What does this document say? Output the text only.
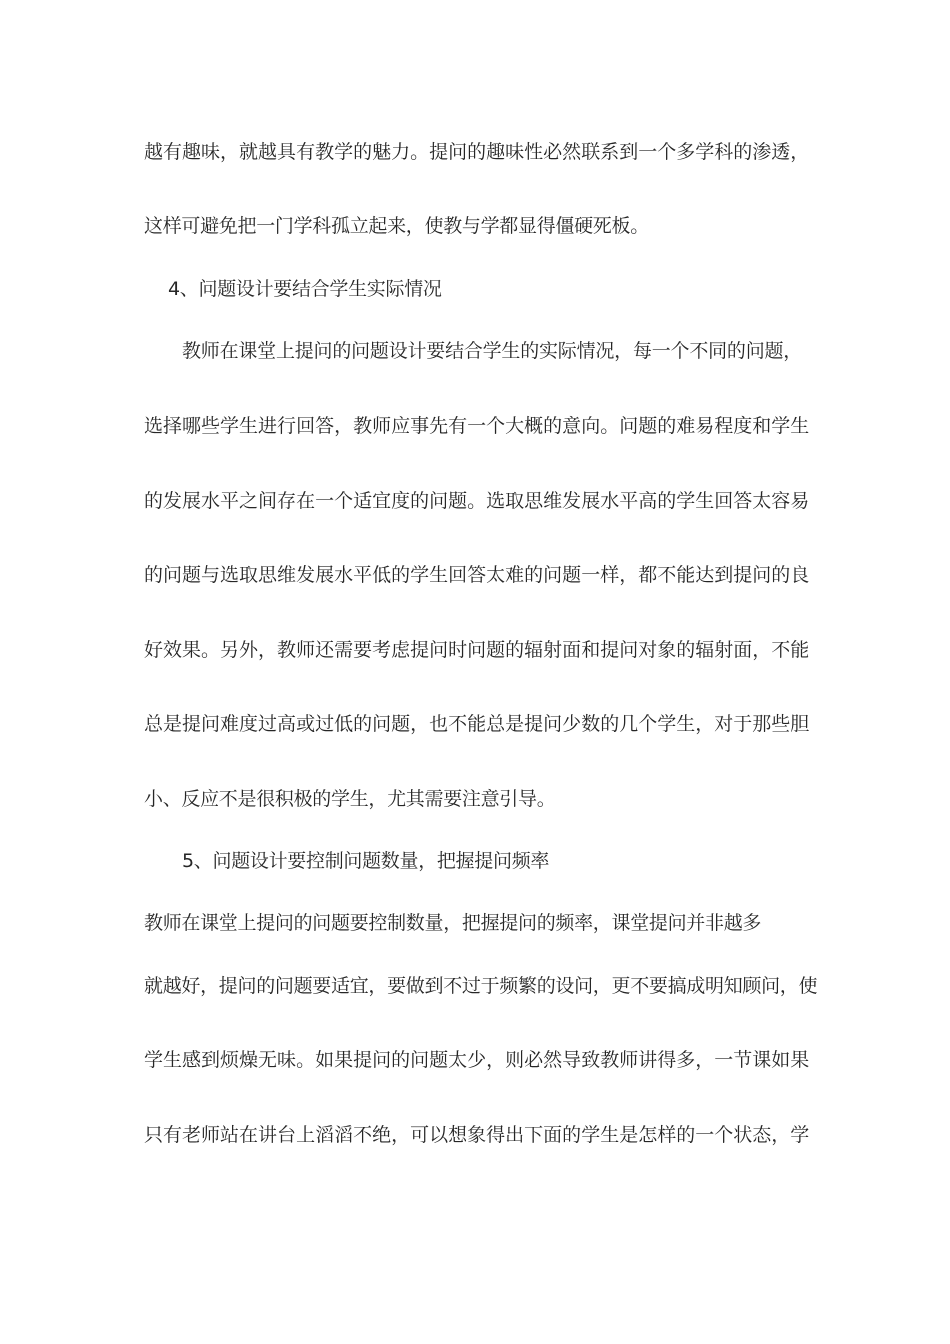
越有趣味，就越具有教学的魅力。提问的趣味性必然联系到一个多学科的渗透，
这样可避免把一门学科孤立起来，使教与学都显得僵硬死板。
4、问题设计要结合学生实际情况
教师在课堂上提问的问题设计要结合学生的实际情况，每一个不同的问题，
选择哪些学生进行回答，教师应事先有一个大概的意向。问题的难易程度和学生
的发展水平之间存在一个适宜度的问题。选取思维发展水平高的学生回答太容易
的问题与选取思维发展水平低的学生回答太难的问题一样，都不能达到提问的良
好效果。另外，教师还需要考虑提问时问题的辐射面和提问对象的辐射面，不能
总是提问难度过高或过低的问题，也不能总是提问少数的几个学生，对于那些胆
小、反应不是很积极的学生，尤其需要注意引导。
5、问题设计要控制问题数量，把握提问频率
教师在课堂上提问的问题要控制数量，把握提问的频率，课堂提问并非越多
就越好，提问的问题要适宜，要做到不过于频繁的设问，更不要搞成明知顾问，使
学生感到烦燥无味。如果提问的问题太少，则必然导致教师讲得多，一节课如果
只有老师站在讲台上滔滔不绝，可以想象得出下面的学生是怎样的一个状态，学
